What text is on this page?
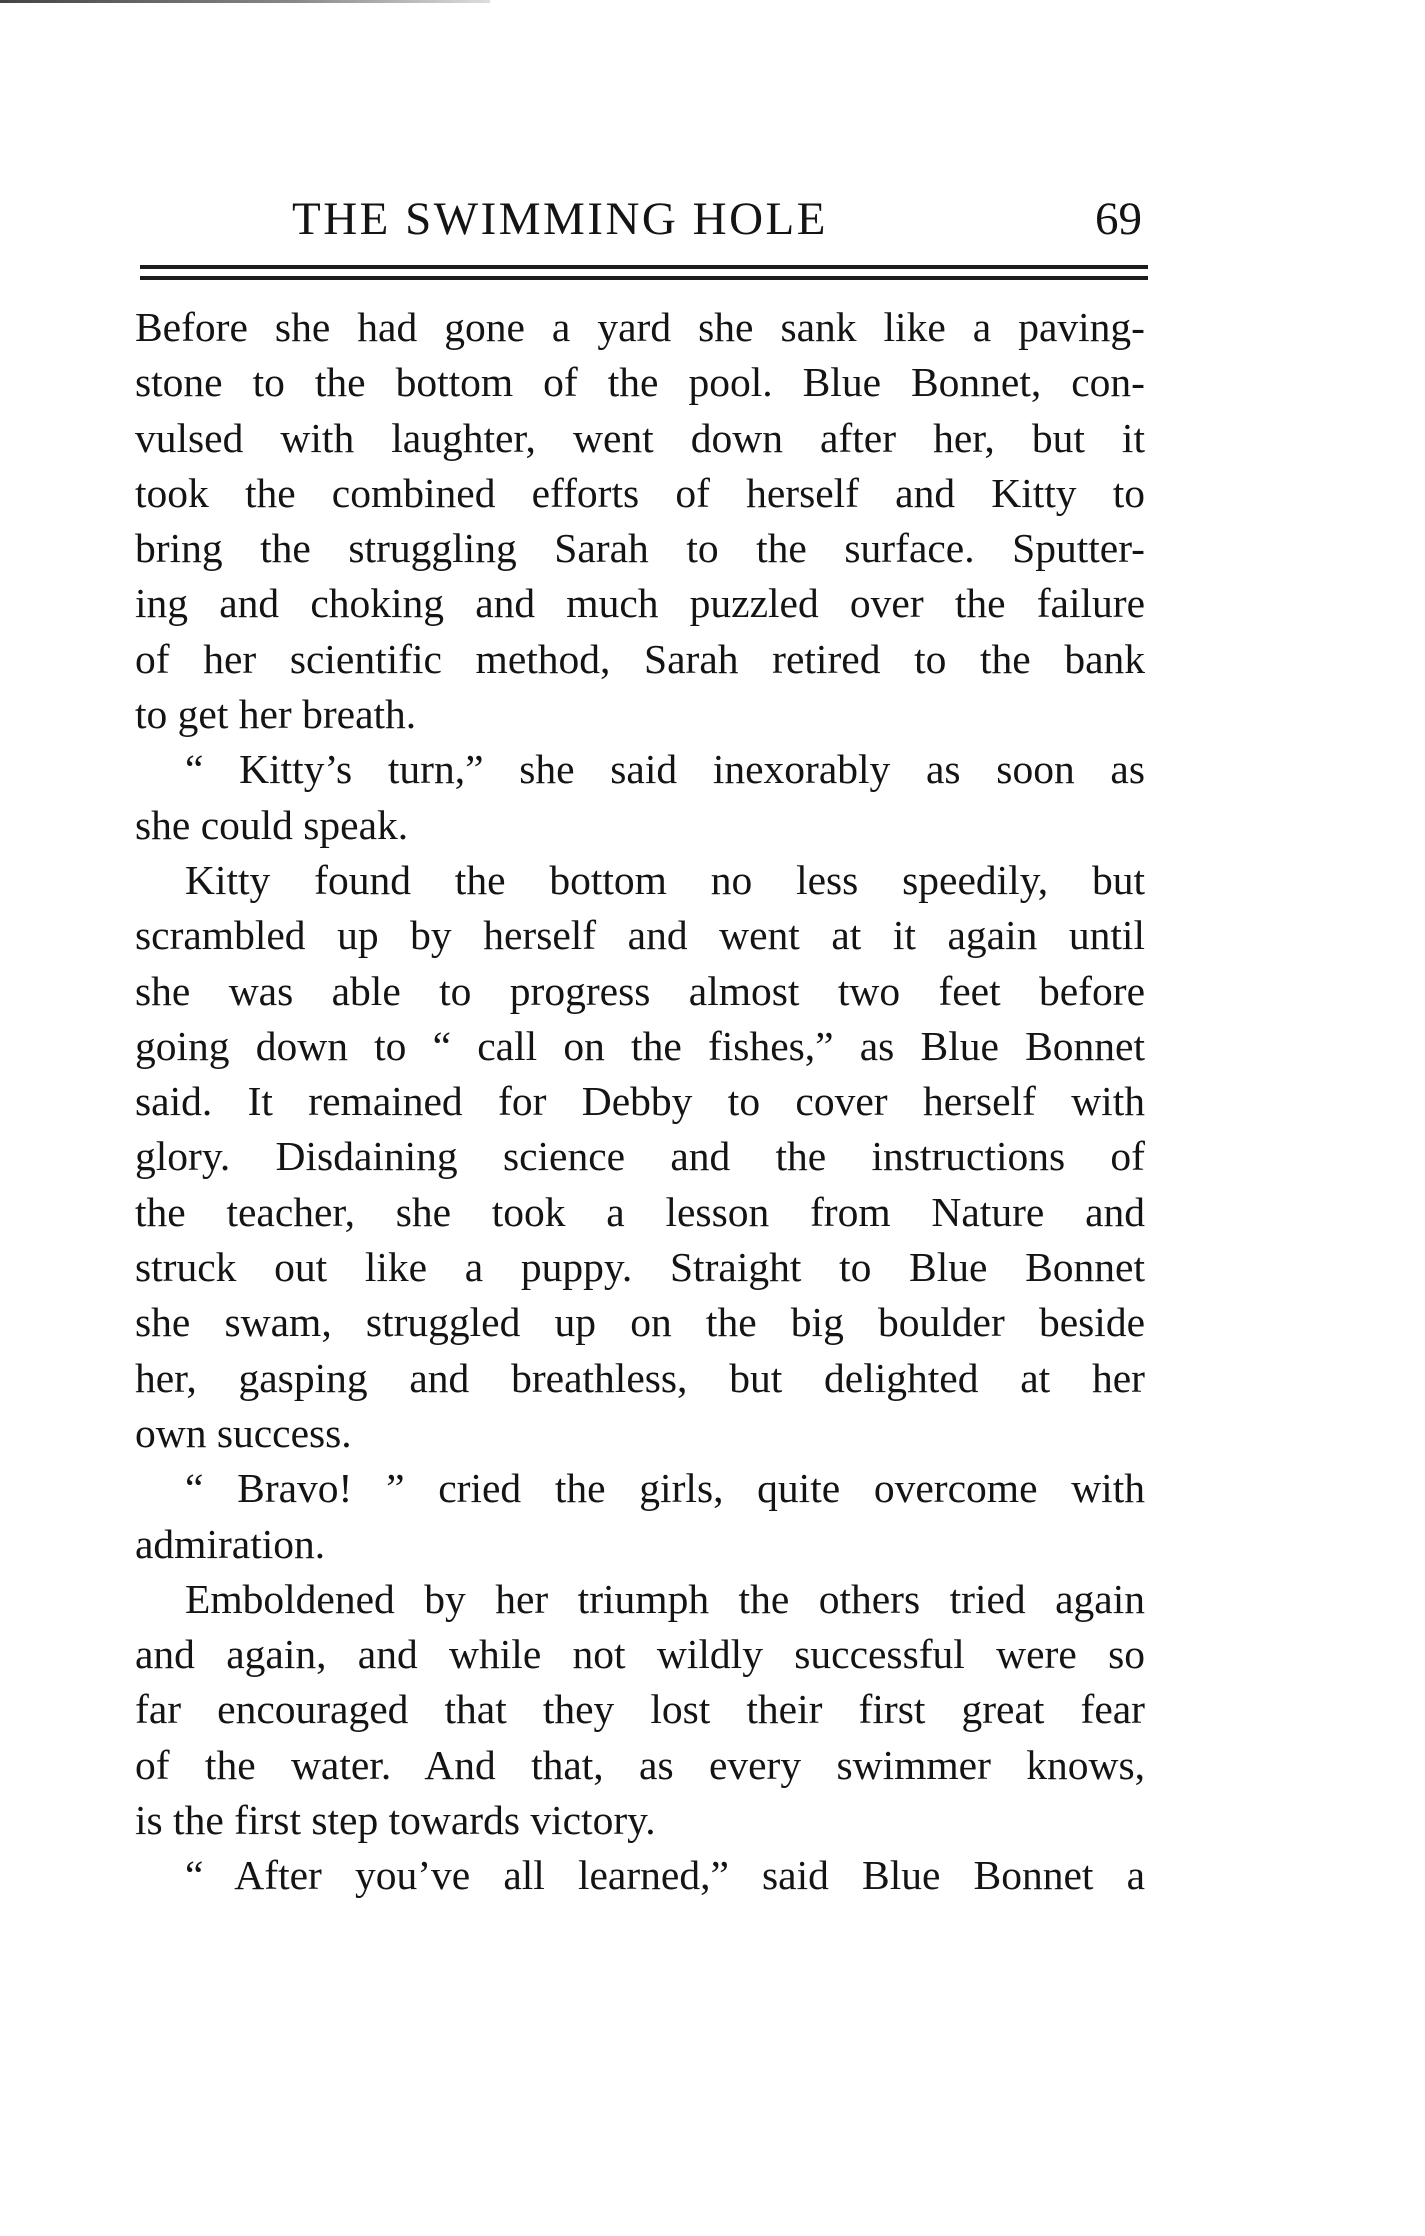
THE SWIMMING HOLE	69
Before she had gone a yard she sank like a paving-
stone to the bottom of the pool. Blue Bonnet, con-
vulsed with laughter, went down after her, but it
took the combined efforts of herself and Kitty to
bring the struggling Sarah to the surface. Sputter-
ing and choking and much puzzled over the failure
of her scientific method, Sarah retired to the bank
to get her breath.
“ Kitty’s turn,” she said inexorably as soon as
she could speak.
Kitty found the bottom no less speedily, but
scrambled up by herself and went at it again until
she was able to progress almost two feet before
going down to “ call on the fishes,” as Blue Bonnet
said. It remained for Debby to cover herself with
glory. Disdaining science and the instructions of
the teacher, she took a lesson from Nature and
struck out like a puppy. Straight to Blue Bonnet
she swam, struggled up on the big boulder beside
her, gasping and breathless, but delighted at her
own success.
“ Bravo! ” cried the girls, quite overcome with
admiration.
Emboldened by her triumph the others tried again
and again, and while not wildly successful were so
far encouraged that they lost their first great fear
of the water. And that, as every swimmer knows,
is the first step towards victory.
“ After you’ve all learned,” said Blue Bonnet a
